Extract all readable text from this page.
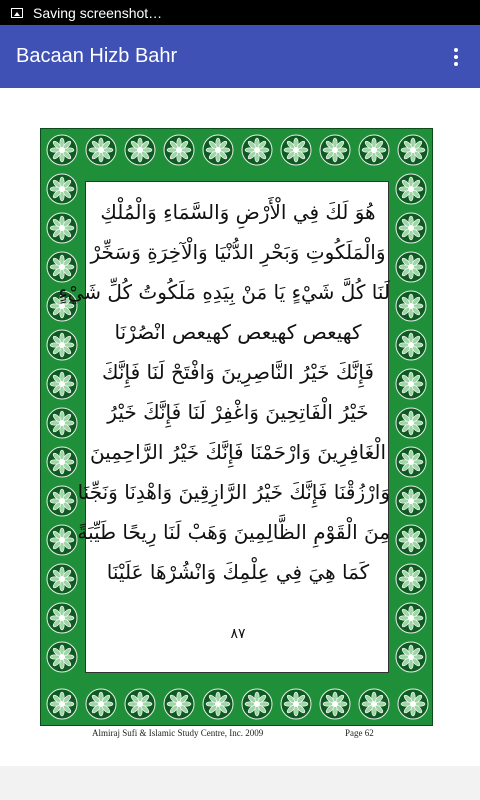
Saving screenshot…
Bacaan Hizb Bahr
هُوَ لَكَ فِي الْأَرْضِ وَالسَّمَاءِ وَالْمُلْكِ
وَالْمَلَكُوتِ وَبَحْرِ الدُّنْيَا وَالْآخِرَةِ وَسَخِّرْ
لَنَا كُلَّ شَيْءٍ يَا مَنْ بِيَدِهِ مَلَكُوتُ كُلِّ شَيْءٍ
كهيعص كهيعص كهيعص انْصُرْنَا
فَإِنَّكَ خَيْرُ النَّاصِرِينَ وَافْتَحْ لَنَا فَإِنَّكَ
خَيْرُ الْفَاتِحِينَ وَاغْفِرْ لَنَا فَإِنَّكَ خَيْرُ
الْغَافِرِينَ وَارْحَمْنَا فَإِنَّكَ خَيْرُ الرَّاحِمِينَ
وَارْزُقْنَا فَإِنَّكَ خَيْرُ الرَّازِقِينَ وَاهْدِنَا وَنَجِّنَا
مِنَ الْقَوْمِ الظَّالِمِينَ وَهَبْ لَنَا رِيحًا طَيِّبَةً
كَمَا هِيَ فِي عِلْمِكَ وَانْشُرْهَا عَلَيْنَا
٨٧
Almiraj Sufi & Islamic Study Centre, Inc. 2009	Page 62
